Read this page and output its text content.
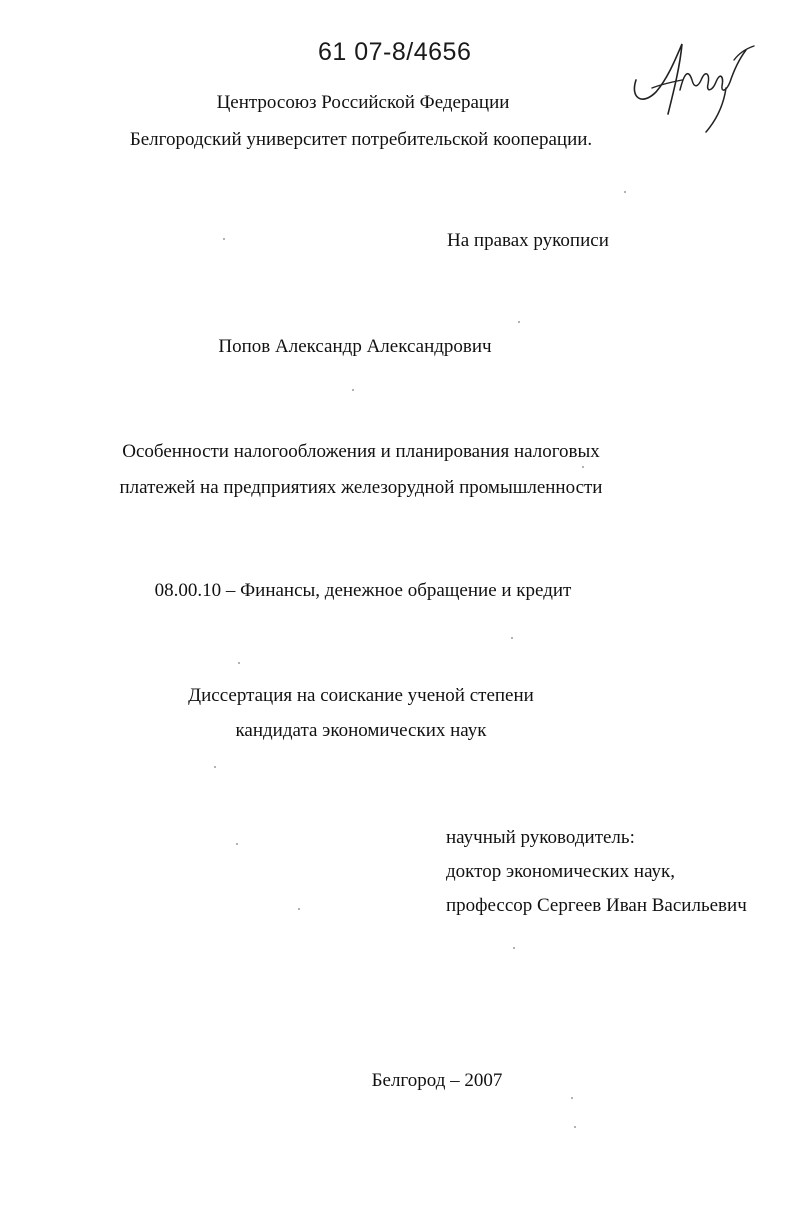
61 07-8/4656
Центросоюз Российской Федерации
Белгородский университет потребительской кооперации.
На правах рукописи
Попов Александр Александрович
Особенности налогообложения и планирования налоговых
платежей на предприятиях железорудной промышленности
08.00.10 – Финансы, денежное обращение и кредит
Диссертация на соискание ученой степени
кандидата экономических наук
научный руководитель:
доктор экономических наук,
профессор Сергеев Иван Васильевич
Белгород – 2007
